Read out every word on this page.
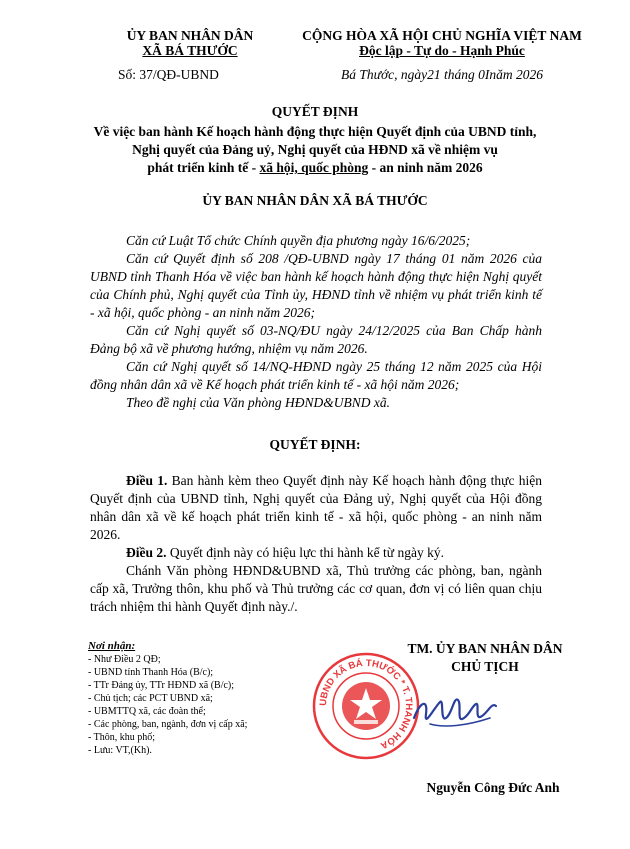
ỦY BAN NHÂN DÂN
XÃ BÁ THƯỚC
CỘNG HÒA XÃ HỘI CHỦ NGHĨA VIỆT NAM
Độc lập - Tự do - Hạnh Phúc
Số: 37/QĐ-UBND	Bá Thước, ngày21 tháng 0Inăm 2026
QUYẾT ĐỊNH
Về việc ban hành Kế hoạch hành động thực hiện Quyết định của UBND tỉnh,
Nghị quyết của Đảng uỷ, Nghị quyết của HĐND xã về nhiệm vụ
phát triển kinh tế - xã hội, quốc phòng - an ninh năm 2026
ỦY BAN NHÂN DÂN XÃ BÁ THƯỚC

Căn cứ Luật Tổ chức Chính quyền địa phương ngày 16/6/2025;

Căn cứ Quyết định số 208 /QĐ-UBND ngày 17 tháng 01 năm 2026 của UBND tỉnh Thanh Hóa về việc ban hành kế hoạch hành động thực hiện Nghị quyết của Chính phủ, Nghị quyết của Tỉnh ủy, HĐND tỉnh về nhiệm vụ phát triển kinh tế - xã hội, quốc phòng - an ninh năm 2026;

Căn cứ Nghị quyết số 03-NQ/ĐU ngày 24/12/2025 của Ban Chấp hành Đảng bộ xã về phương hướng, nhiệm vụ năm 2026.

Căn cứ Nghị quyết số 14/NQ-HĐND ngày 25 tháng 12 năm 2025 của Hội đồng nhân dân xã về Kế hoạch phát triển kinh tế - xã hội năm 2026;

Theo đề nghị của Văn phòng HĐND&UBND xã.

QUYẾT ĐỊNH:

Điều 1. Ban hành kèm theo Quyết định này Kế hoạch hành động thực hiện Quyết định của UBND tỉnh, Nghị quyết của Đảng uỷ, Nghị quyết của Hội đồng nhân dân xã về kế hoạch phát triển kinh tế - xã hội, quốc phòng - an ninh năm 2026.

Điều 2. Quyết định này có hiệu lực thi hành kể từ ngày ký.

Chánh Văn phòng HĐND&UBND xã, Thủ trưởng các phòng, ban, ngành cấp xã, Trưởng thôn, khu phố và Thủ trưởng các cơ quan, đơn vị có liên quan chịu trách nhiệm thi hành Quyết định này./.

Nơi nhận:
- Như Điều 2 QĐ;
- UBND tỉnh Thanh Hóa (B/c);
- TTr Đảng ủy, TTr HĐND xã (B/c);
- Chủ tịch; các PCT UBND xã;
- UBMTTQ xã, các đoàn thể;
- Các phòng, ban, ngành, đơn vị cấp xã;
- Thôn, khu phố;
- Lưu: VT,(Kh).
TM. ỦY BAN NHÂN DÂN
CHỦ TỊCH
UBND XÃ BÁ THƯỚC * T. THANH HÓA
Nguyễn Công Đức Anh
